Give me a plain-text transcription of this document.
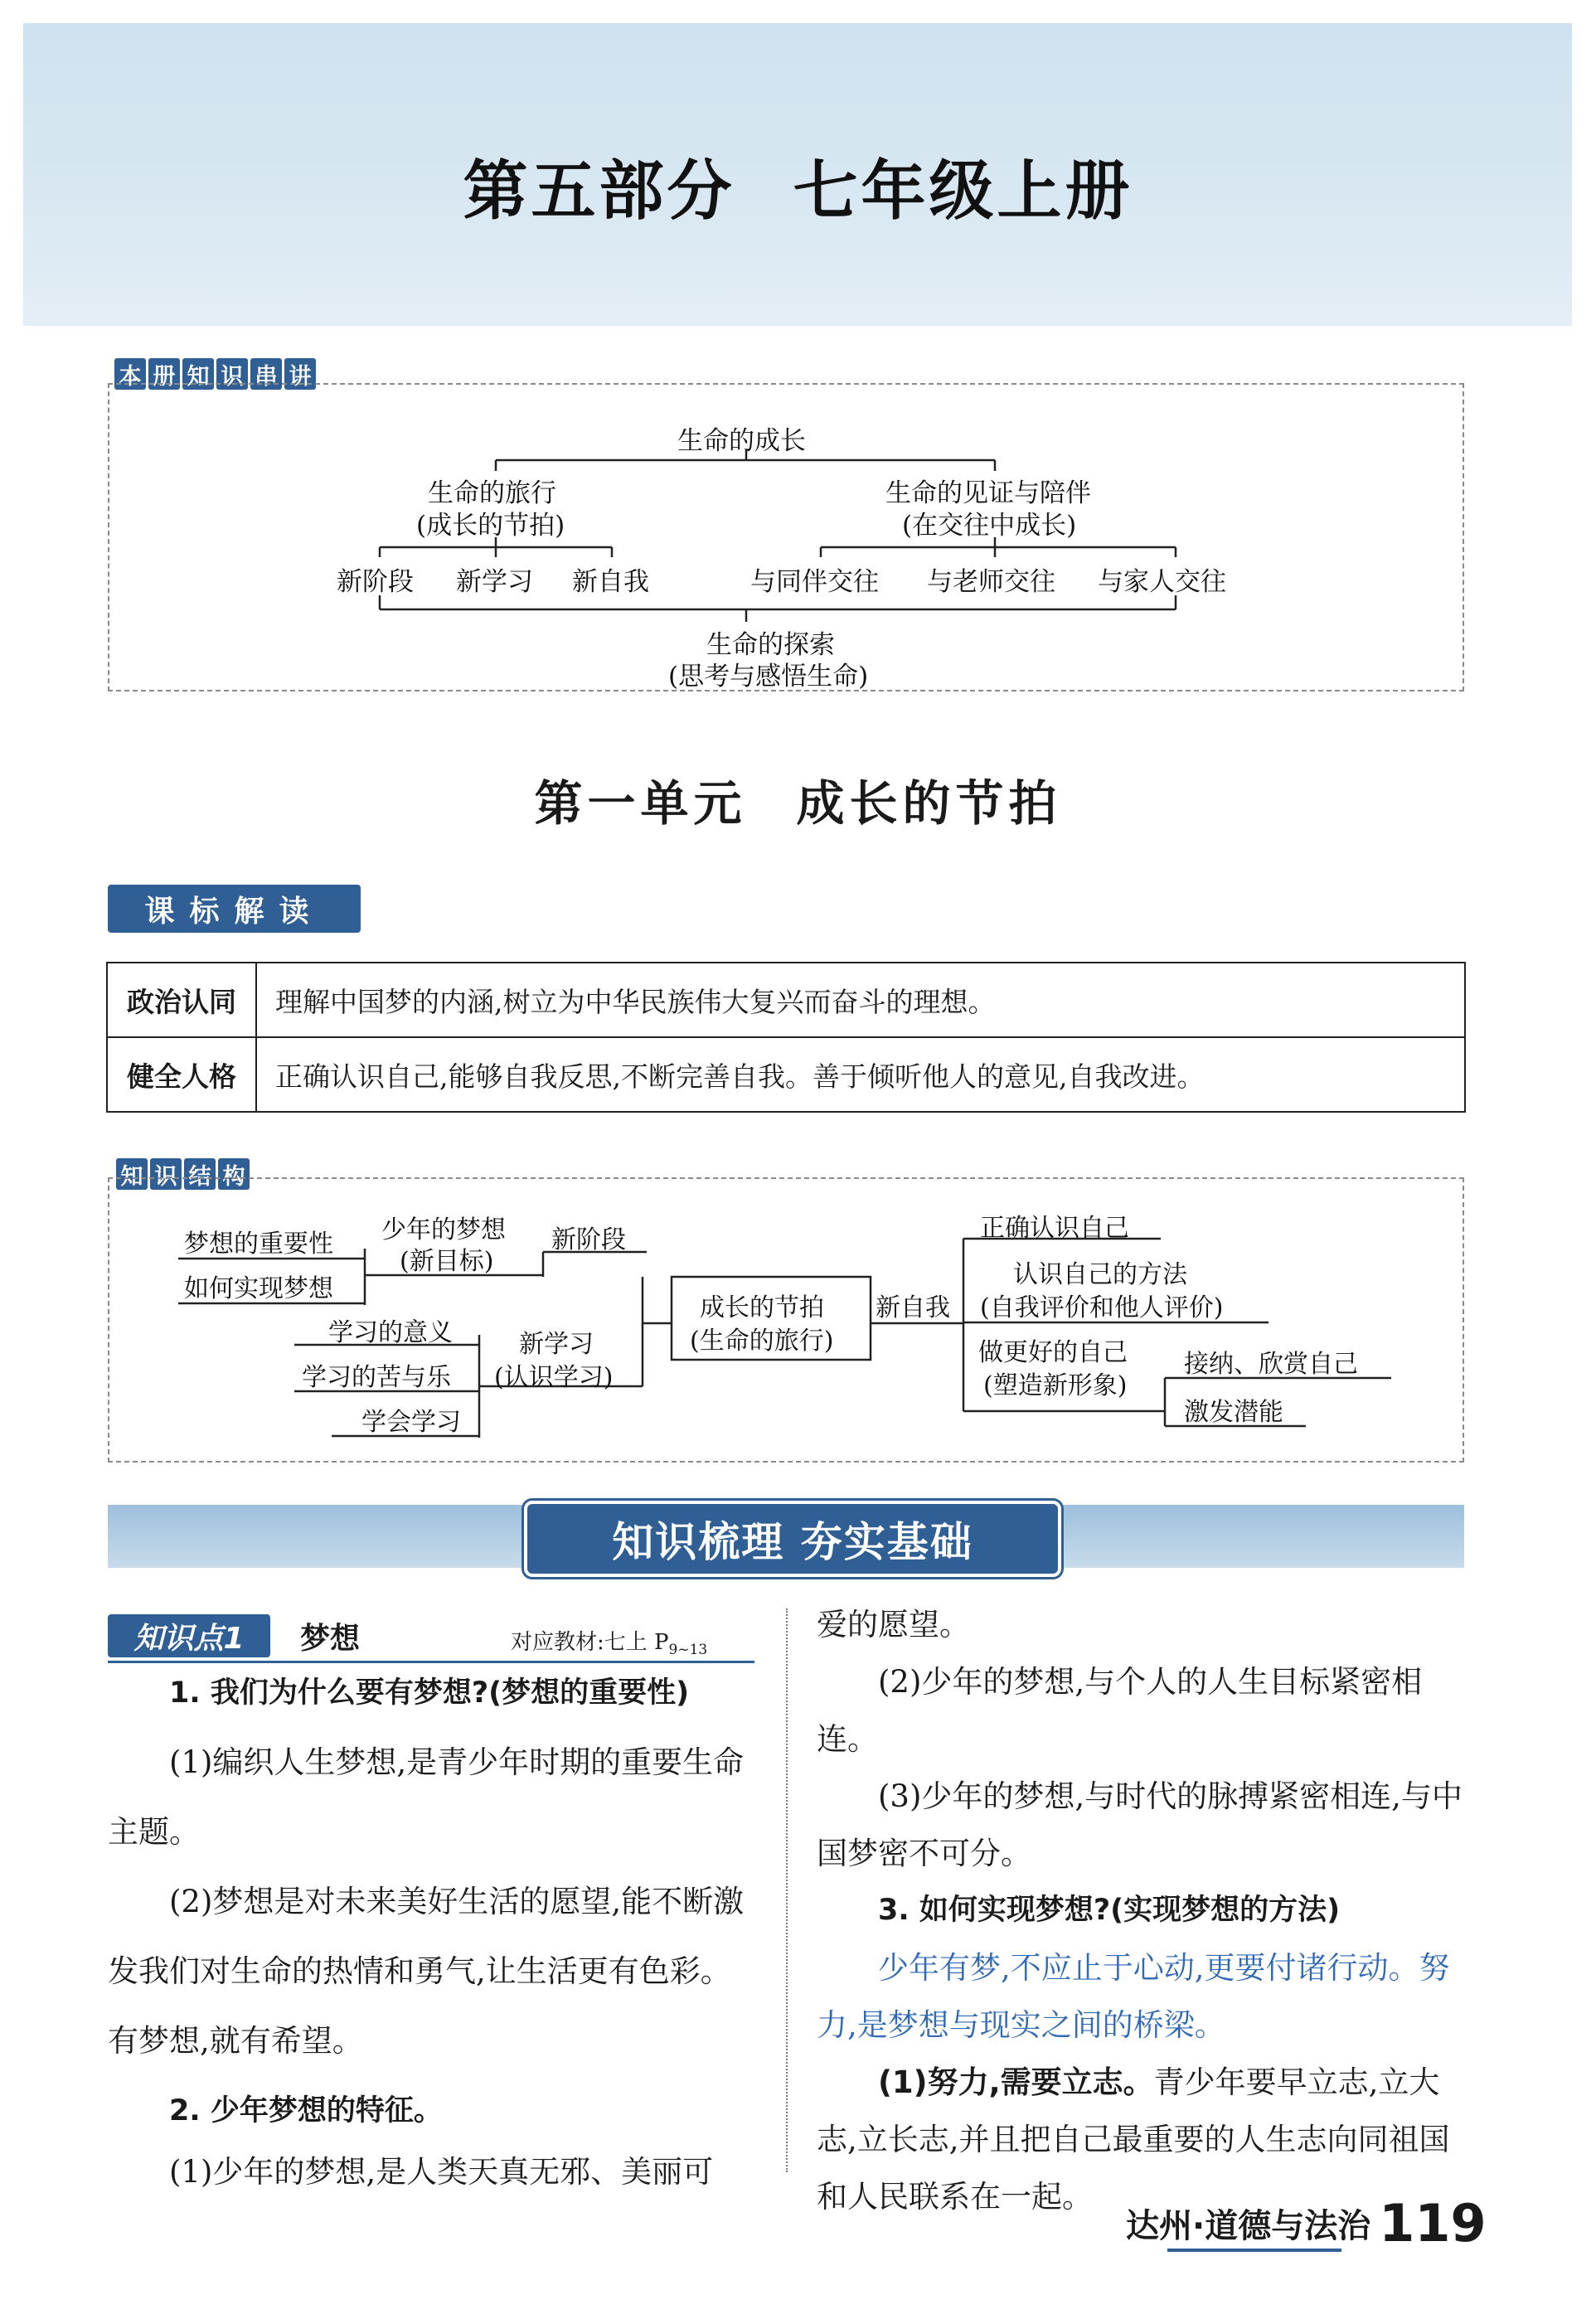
第五部分 七年级上册
本 册 知 识 串 讲
生命的成长
生命的旅行
(成长的节拍)
生命的见证与陪伴
(在交往中成长)
新阶段 新学习 新自我	与同伴交往 与老师交往 与家人交往
生命的探索
(思考与感悟生命)
第一单元 成长的节拍
课标解读
政治认同	理解中国梦的内涵,树立为中华民族伟大复兴而奋斗的理想。
健全人格	正确认识自己,能够自我反思,不断完善自我。善于倾听他人的意见,自我改进。
知 识 结 构
梦想的重要性
如何实现梦想
少年的梦想
(新目标)
新阶段
学习的意义
学习的苦与乐
学会学习
新学习
(认识学习)
成长的节拍
(生命的旅行)
新自我
正确认识自己
认识自己的方法
(自我评价和他人评价)
做更好的自己
(塑造新形象)
接纳、欣赏自己
激发潜能
知识梳理 夯实基础
知识点1	梦想	对应教材:七上 $P_{9\sim 13}$

1. 我们为什么要有梦想?(梦想的重要性)

(1)编织人生梦想,是青少年时期的重要生命主题。

(2)梦想是对未来美好生活的愿望,能不断激发我们对生命的热情和勇气,让生活更有色彩。有梦想,就有希望。

2. 少年梦想的特征。

(1)少年的梦想,是人类天真无邪、美丽可

爱的愿望。

(2)少年的梦想,与个人的人生目标紧密相连。

(3)少年的梦想,与时代的脉搏紧密相连,与中国梦密不可分。

3. 如何实现梦想?(实现梦想的方法)

少年有梦,不应止于心动,更要付诸行动。努力,是梦想与现实之间的桥梁。

(1)努力,需要立志。青少年要早立志,立大志,立长志,并且把自己最重要的人生志向同祖国和人民联系在一起。

达州·道德与法治 119
